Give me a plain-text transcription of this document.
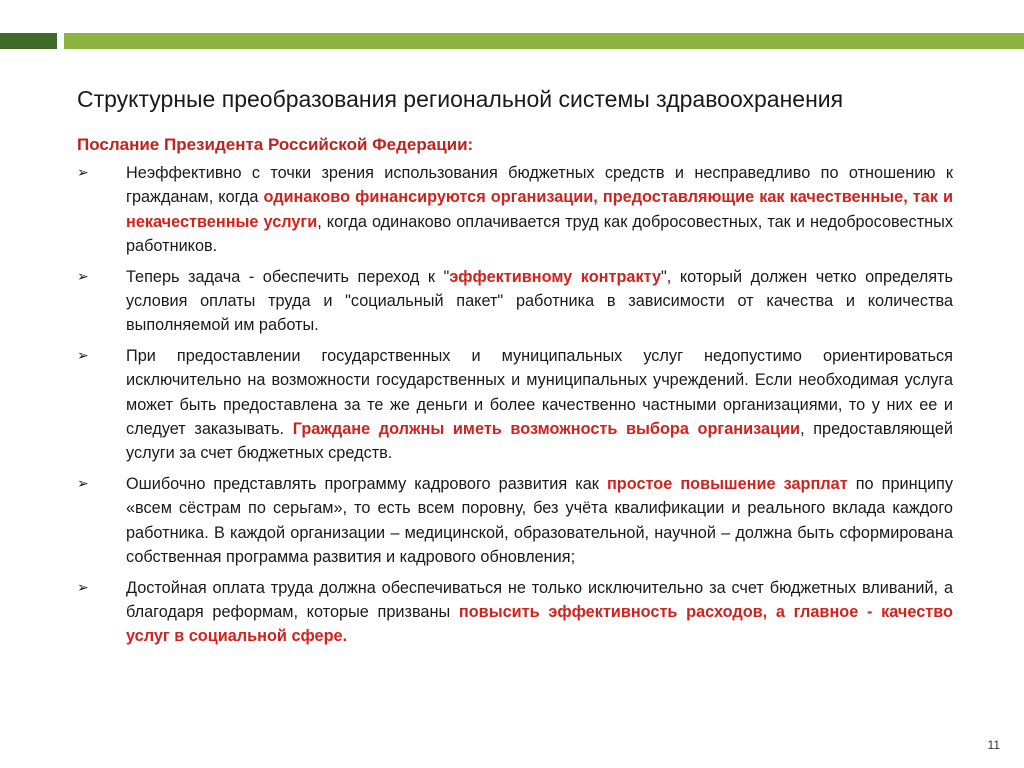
Структурные преобразования региональной системы здравоохранения

Послание Президента Российской Федерации:

➢ Неэффективно с точки зрения использования бюджетных средств и несправедливо по отношению к гражданам, когда одинаково финансируются организации, предоставляющие как качественные, так и некачественные услуги, когда одинаково оплачивается труд как добросовестных, так и недобросовестных работников.
➢ Теперь задача - обеспечить переход к "эффективному контракту", который должен четко определять условия оплаты труда и "социальный пакет" работника в зависимости от качества и количества выполняемой им работы.
➢ При предоставлении государственных и муниципальных услуг недопустимо ориентироваться исключительно на возможности государственных и муниципальных учреждений. Если необходимая услуга может быть предоставлена за те же деньги и более качественно частными организациями, то у них ее и следует заказывать. Граждане должны иметь возможность выбора организации, предоставляющей услуги за счет бюджетных средств.
➢ Ошибочно представлять программу кадрового развития как простое повышение зарплат по принципу «всем сёстрам по серьгам», то есть всем поровну, без учёта квалификации и реального вклада каждого работника. В каждой организации – медицинской, образовательной, научной – должна быть сформирована собственная программа развития и кадрового обновления;
➢ Достойная оплата труда должна обеспечиваться не только исключительно за счет бюджетных вливаний, а благодаря реформам, которые призваны повысить эффективность расходов, а главное - качество услуг в социальной сфере.
11
